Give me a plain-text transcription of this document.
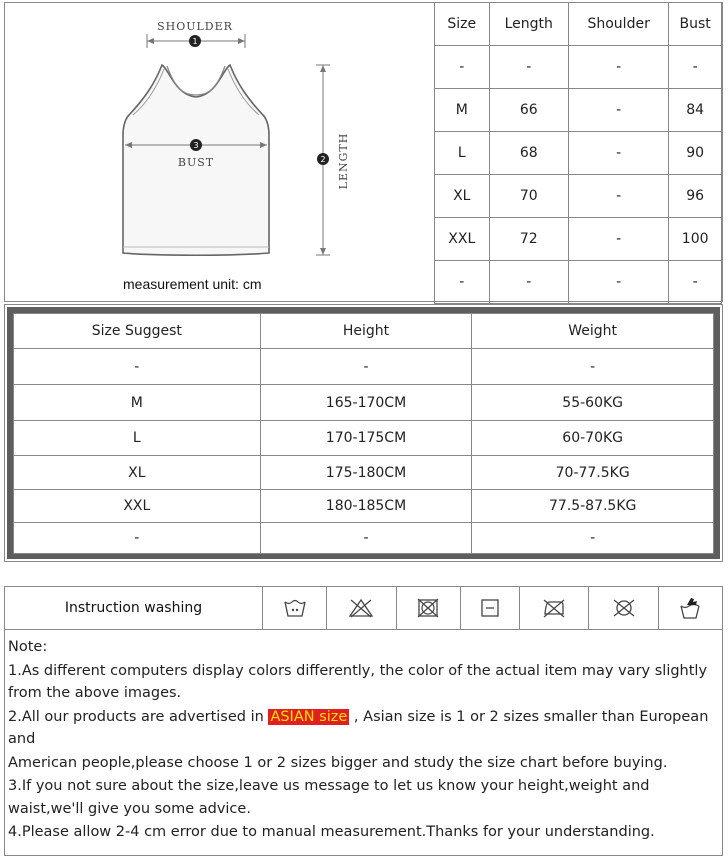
1
SHOULDER
3
BUST	2 LENGTH
measurement unit: cm
Size	Length	Shoulder	Bust
-	-	-	-
M	66	-	84
L	68	-	90
XL	70	-	96
XXL	72	-	100
-	-	-	-
Size Suggest	Height	Weight
-	-	-
M	165-170CM	55-60KG
L	170-175CM	60-70KG
XL	175-180CM	70-77.5KG
XXL	180-185CM	77.5-87.5KG
-	-	-
Instruction washing	

Note:

1.As different computers display colors differently, the color of the actual item may vary slightly from the above images.

2.All our products are advertised in ASIAN size , Asian size is 1 or 2 sizes smaller than European and

American people,please choose 1 or 2 sizes bigger and study the size chart before buying.

3.If you not sure about the size,leave us message to let us know your height,weight and waist,we'll give you some advice.

4.Please allow 2-4 cm error due to manual measurement.Thanks for your understanding.
